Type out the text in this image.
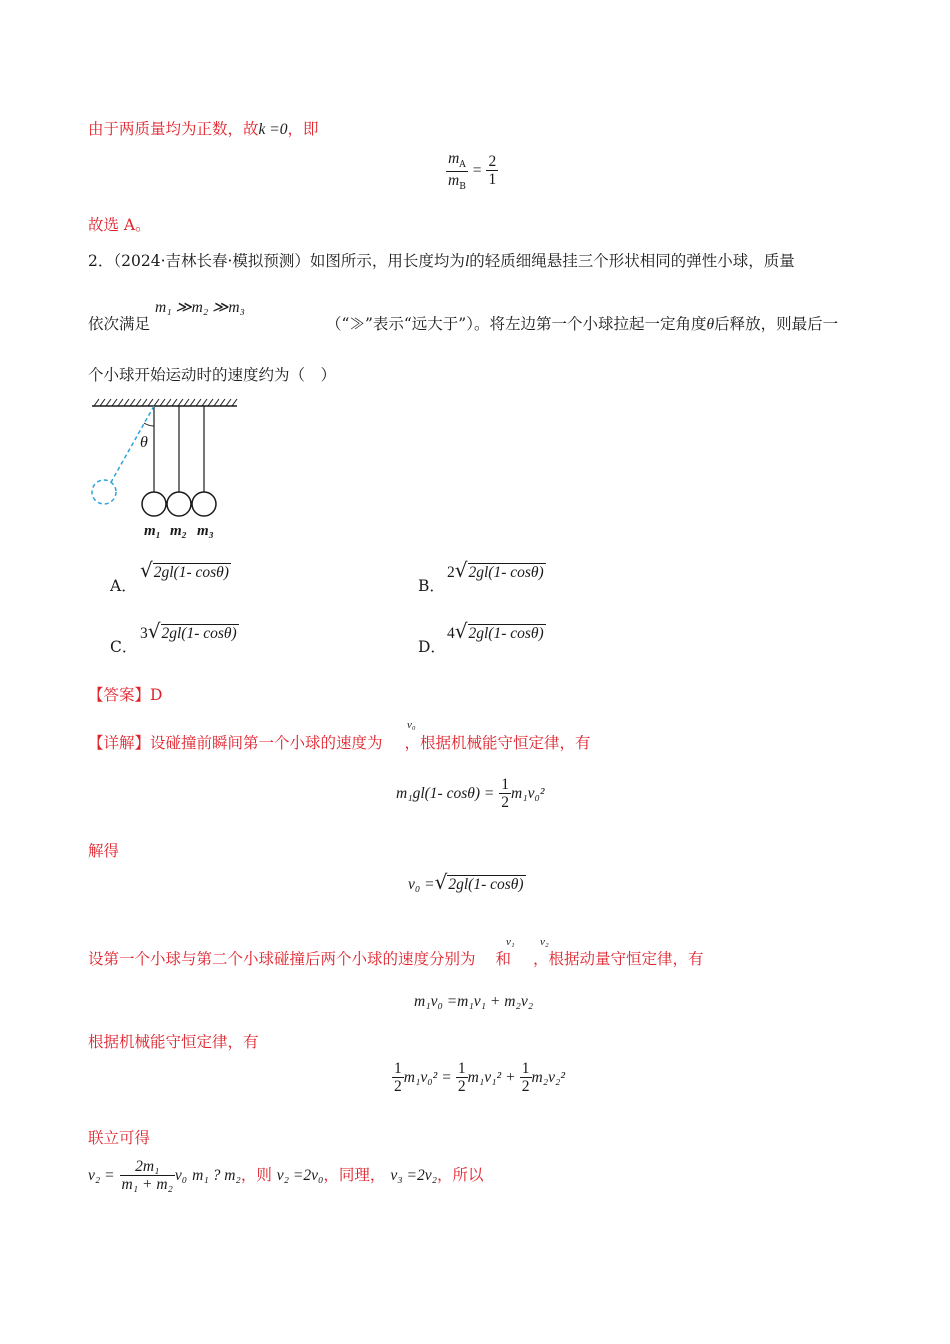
由于两质量均为正数，故k =0，即
$\frac{m_A}{m_B} = \frac{2}{1}$
故选 A。
2．（2024·吉林长春·模拟预测）如图所示，用长度均为l的轻质细绳悬挂三个形状相同的弹性小球，质量
m₁ ≫m₂ ≫m₃
依次满足	（“≫”表示“远大于”）。将左边第一个小球拉起一定角度θ后释放，则最后一
个小球开始运动时的速度约为（　）
θ
m₁ m₂ m₃
A．
√2gl(1- cosθ)
B．
2√2gl(1- cosθ)
C．
3√2gl(1- cosθ)
D．
4√2gl(1- cosθ)
【答案】D
v₀
【详解】设碰撞前瞬间第一个小球的速度为 ，根据机械能守恒定律，有
m₁gl(1- $\cos\theta) = \frac{1}{2} m_1v_0^2$
解得
v₀ =√2gl(1- cosθ)
v₁ v₂
设第一个小球与第二个小球碰撞后两个小球的速度分别为 和 ，根据动量守恒定律，有
m₁v₀ =m₁v₁ + m₂v₂
根据机械能守恒定律，有
$\frac{1}{2} m_1v_0^2 = \frac{1}{2} m_1v_1^2 + \frac{1}{2} m_2v_2^2$
联立可得
$v_2 = \frac{\text{2m₁}}{\text{m₁ + m₂}} v_0$ m₁ ? m₂，则 v₂ =2v₀，同理， v₃ =2v₂，所以
